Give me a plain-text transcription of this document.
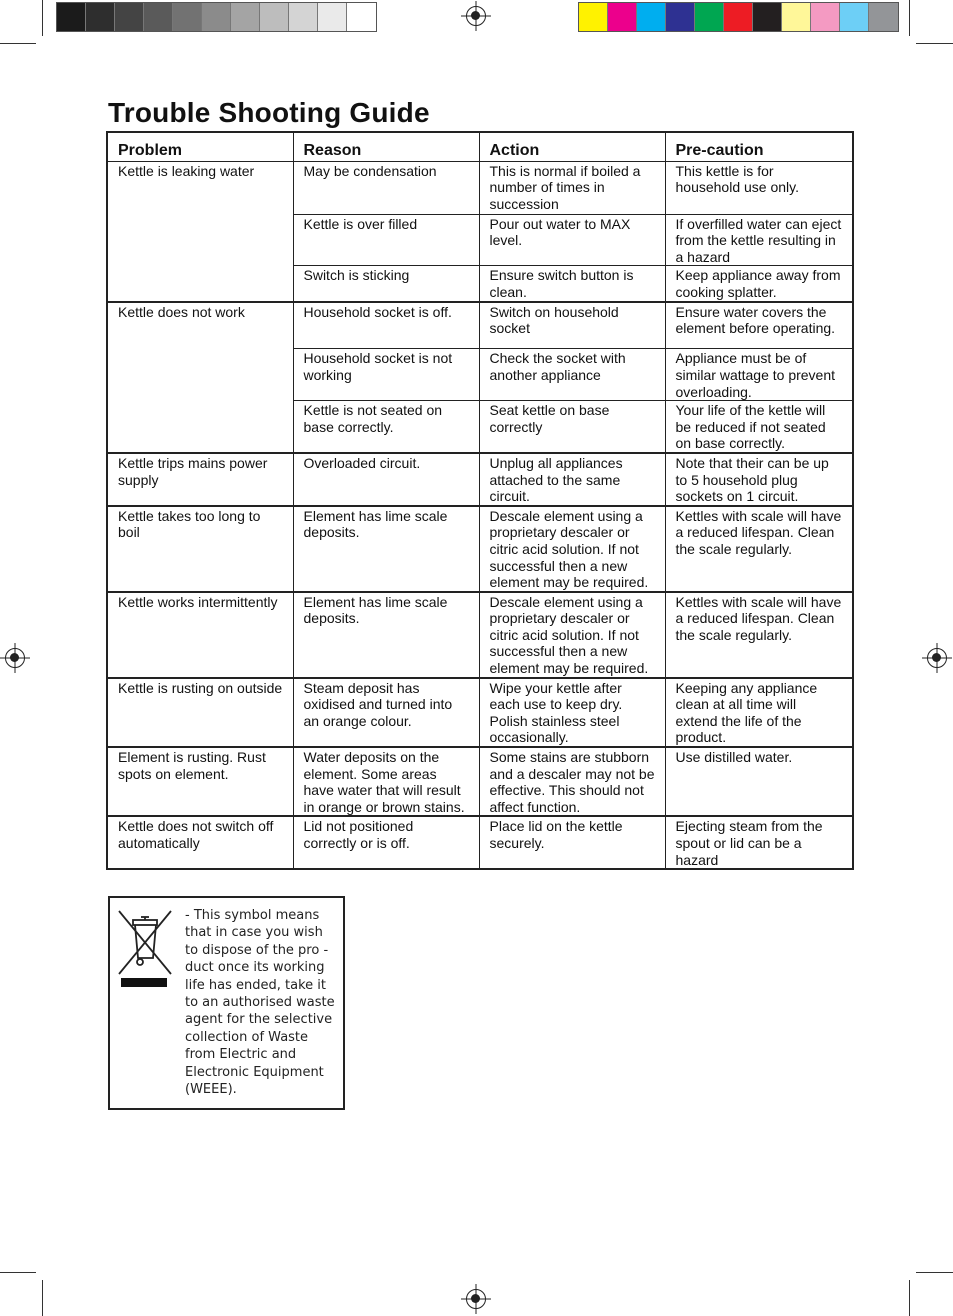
Trouble Shooting Guide
Problem	Reason	Action	Pre-caution
Kettle is leaking water	May be condensation	This is normal if boiled a number of times in succession	This kettle is for household use only.
	Kettle is over filled	Pour out water to MAX level.	If overfilled water can eject from the kettle resulting in a hazard
	Switch is sticking	Ensure switch button is clean.	Keep appliance away from cooking splatter.
Kettle does not work	Household socket is off.	Switch on household socket	Ensure water covers the element before operating.
	Household socket is not working	Check the socket with another appliance	Appliance must be of similar wattage to prevent overloading.
	Kettle is not seated on base correctly.	Seat kettle on base correctly	Your life of the kettle will be reduced if not seated on base correctly.
Kettle trips mains power supply	Overloaded circuit.	Unplug all appliances attached to the same circuit.	Note that their can be up to 5 household plug sockets on 1 circuit.
Kettle takes too long to boil	Element has lime scale deposits.	Descale element using a proprietary descaler or citric acid solution. If not successful then a new element may be required.	Kettles with scale will have a reduced lifespan. Clean the scale regularly.
Kettle works intermittently	Element has lime scale deposits.	Descale element using a proprietary descaler or citric acid solution. If not successful then a new element may be required.	Kettles with scale will have a reduced lifespan. Clean the scale regularly.
Kettle is rusting on outside	Steam deposit has oxidised and turned into an orange colour.	Wipe your kettle after each use to keep dry. Polish stainless steel occasionally.	Keeping any appliance clean at all time will extend the life of the product.
Element is rusting. Rust spots on element.	Water deposits on the element. Some areas have water that will result in orange or brown stains.	Some stains are stubborn and a descaler may not be effective. This should not affect function.	Use distilled water.
Kettle does not switch off automatically	Lid not positioned correctly or is off.	Place lid on the kettle securely.	Ejecting steam from the spout or lid can be a hazard
- This symbol means that in case you wish to dispose of the pro - duct once its working life has ended, take it to an authorised waste agent for the selective collection of Waste from Electric and Electronic Equipment (WEEE).
